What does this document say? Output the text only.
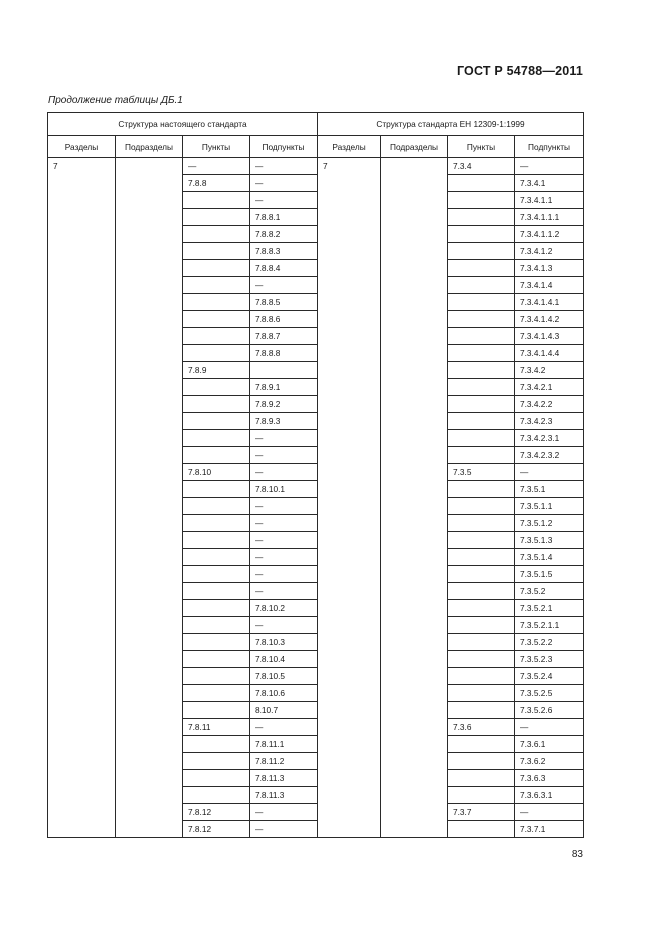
ГОСТ Р 54788—2011
Продолжение таблицы ДБ.1
Структура настоящего стандарта				Структура стандарта ЕН 12309-1:1999			
Разделы	Подразделы	Пункты	Подпункты	Разделы	Подразделы	Пункты	Подпункты
7		—	—	7		7.3.4	—
		7.8.8	—				7.3.4.1
			—				7.3.4.1.1
			7.8.8.1				7.3.4.1.1.1
			7.8.8.2				7.3.4.1.1.2
			7.8.8.3				7.3.4.1.2
			7.8.8.4				7.3.4.1.3
			—				7.3.4.1.4
			7.8.8.5				7.3.4.1.4.1
			7.8.8.6				7.3.4.1.4.2
			7.8.8.7				7.3.4.1.4.3
			7.8.8.8				7.3.4.1.4.4
		7.8.9					7.3.4.2
			7.8.9.1				7.3.4.2.1
			7.8.9.2				7.3.4.2.2
			7.8.9.3				7.3.4.2.3
			—				7.3.4.2.3.1
			—				7.3.4.2.3.2
		7.8.10	—			7.3.5	—
			7.8.10.1				7.3.5.1
			—				7.3.5.1.1
			—				7.3.5.1.2
			—				7.3.5.1.3
			—				7.3.5.1.4
			—				7.3.5.1.5
			—				7.3.5.2
			7.8.10.2				7.3.5.2.1
			—				7.3.5.2.1.1
			7.8.10.3				7.3.5.2.2
			7.8.10.4				7.3.5.2.3
			7.8.10.5				7.3.5.2.4
			7.8.10.6				7.3.5.2.5
			8.10.7				7.3.5.2.6
		7.8.11	—			7.3.6	—
			7.8.11.1				7.3.6.1
			7.8.11.2				7.3.6.2
			7.8.11.3				7.3.6.3
			7.8.11.3				7.3.6.3.1
		7.8.12	—			7.3.7	—
		7.8.12	—				7.3.7.1
83
